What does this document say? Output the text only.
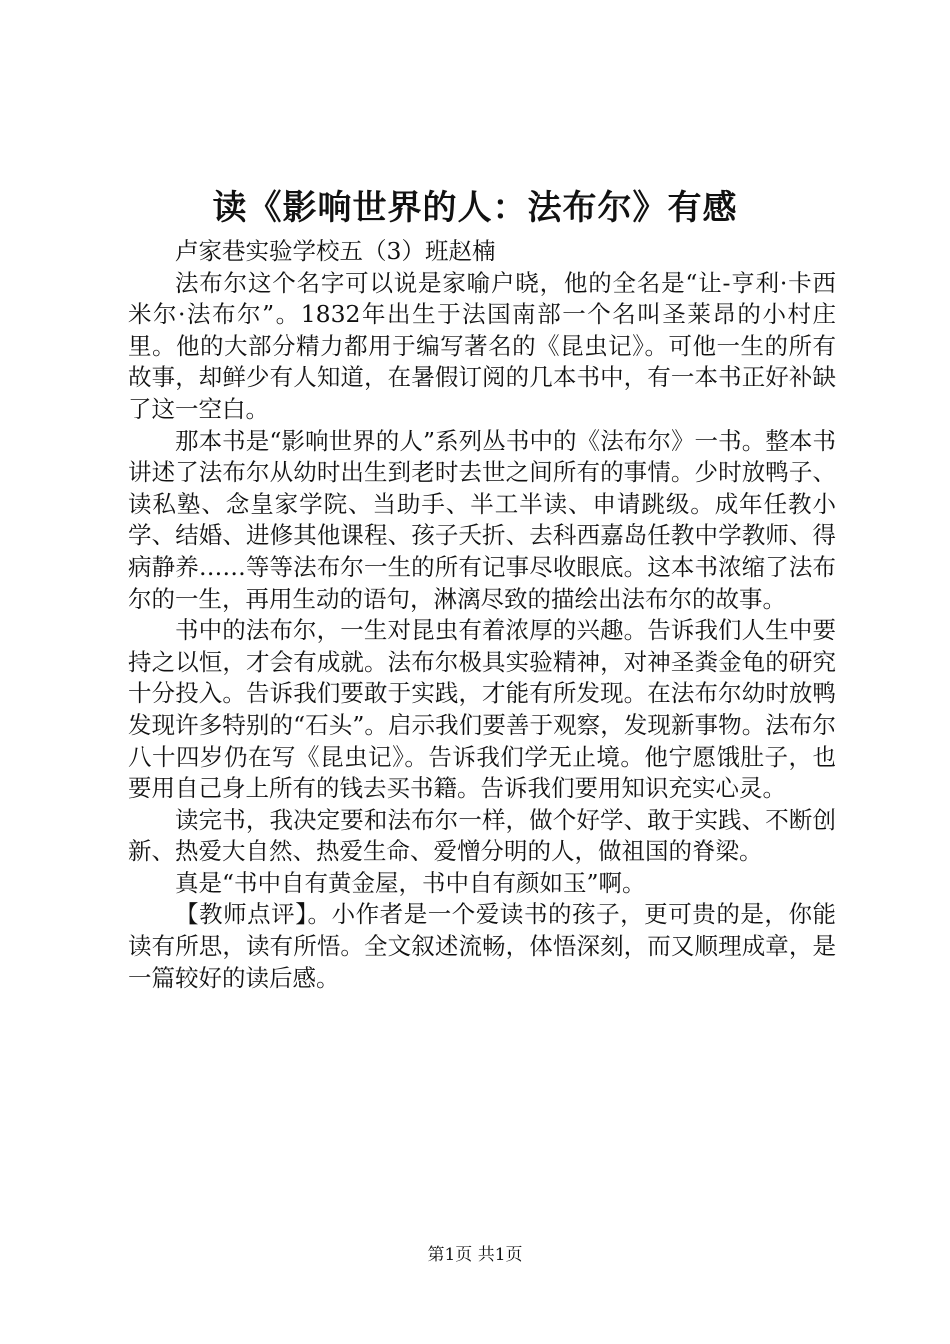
读《影响世界的人：法布尔》有感

卢家巷实验学校五（3）班赵楠

法布尔这个名字可以说是家喻户晓，他的全名是“让-亨利·卡西米尔·法布尔”。1832年出生于法国南部一个名叫圣莱昂的小村庄里。他的大部分精力都用于编写著名的《昆虫记》。可他一生的所有故事，却鲜少有人知道，在暑假订阅的几本书中，有一本书正好补缺了这一空白。

那本书是“影响世界的人”系列丛书中的《法布尔》一书。整本书讲述了法布尔从幼时出生到老时去世之间所有的事情。少时放鸭子、读私塾、念皇家学院、当助手、半工半读、申请跳级。成年任教小学、结婚、进修其他课程、孩子夭折、去科西嘉岛任教中学教师、得病静养……等等法布尔一生的所有记事尽收眼底。这本书浓缩了法布尔的一生，再用生动的语句，淋漓尽致的描绘出法布尔的故事。

书中的法布尔，一生对昆虫有着浓厚的兴趣。告诉我们人生中要持之以恒，才会有成就。法布尔极具实验精神，对神圣粪金龟的研究十分投入。告诉我们要敢于实践，才能有所发现。在法布尔幼时放鸭发现许多特别的“石头”。启示我们要善于观察，发现新事物。法布尔八十四岁仍在写《昆虫记》。告诉我们学无止境。他宁愿饿肚子，也要用自己身上所有的钱去买书籍。告诉我们要用知识充实心灵。

读完书，我决定要和法布尔一样，做个好学、敢于实践、不断创新、热爱大自然、热爱生命、爱憎分明的人，做祖国的脊梁。

真是“书中自有黄金屋，书中自有颜如玉”啊。

【教师点评】。小作者是一个爱读书的孩子，更可贵的是，你能读有所思，读有所悟。全文叙述流畅，体悟深刻，而又顺理成章，是一篇较好的读后感。

第1页 共1页
